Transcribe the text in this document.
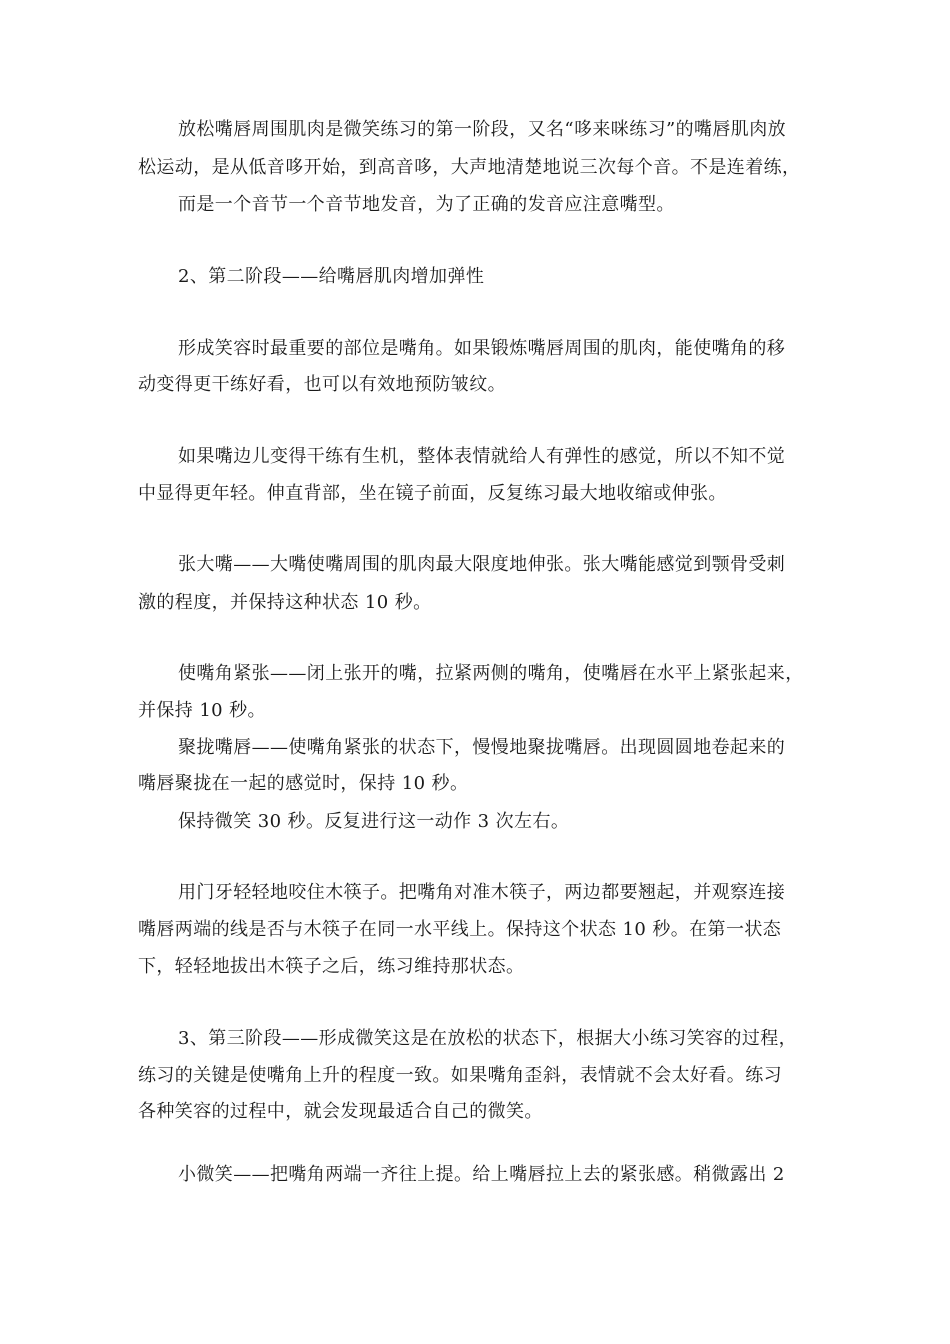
放松嘴唇周围肌肉是微笑练习的第一阶段，又名“哆来咪练习”的嘴唇肌肉放
松运动，是从低音哆开始，到高音哆，大声地清楚地说三次每个音。不是连着练，
而是一个音节一个音节地发音，为了正确的发音应注意嘴型。
2、第二阶段——给嘴唇肌肉增加弹性
形成笑容时最重要的部位是嘴角。如果锻炼嘴唇周围的肌肉，能使嘴角的移
动变得更干练好看，也可以有效地预防皱纹。
如果嘴边儿变得干练有生机，整体表情就给人有弹性的感觉，所以不知不觉
中显得更年轻。伸直背部，坐在镜子前面，反复练习最大地收缩或伸张。
张大嘴——大嘴使嘴周围的肌肉最大限度地伸张。张大嘴能感觉到颚骨受刺
激的程度，并保持这种状态 10 秒。
使嘴角紧张——闭上张开的嘴，拉紧两侧的嘴角，使嘴唇在水平上紧张起来，
并保持 10 秒。
聚拢嘴唇——使嘴角紧张的状态下，慢慢地聚拢嘴唇。出现圆圆地卷起来的
嘴唇聚拢在一起的感觉时，保持 10 秒。
保持微笑 30 秒。反复进行这一动作 3 次左右。
用门牙轻轻地咬住木筷子。把嘴角对准木筷子，两边都要翘起，并观察连接
嘴唇两端的线是否与木筷子在同一水平线上。保持这个状态 10 秒。在第一状态
下，轻轻地拔出木筷子之后，练习维持那状态。
3、第三阶段——形成微笑这是在放松的状态下，根据大小练习笑容的过程，
练习的关键是使嘴角上升的程度一致。如果嘴角歪斜，表情就不会太好看。练习
各种笑容的过程中，就会发现最适合自己的微笑。
小微笑——把嘴角两端一齐往上提。给上嘴唇拉上去的紧张感。稍微露出 2
